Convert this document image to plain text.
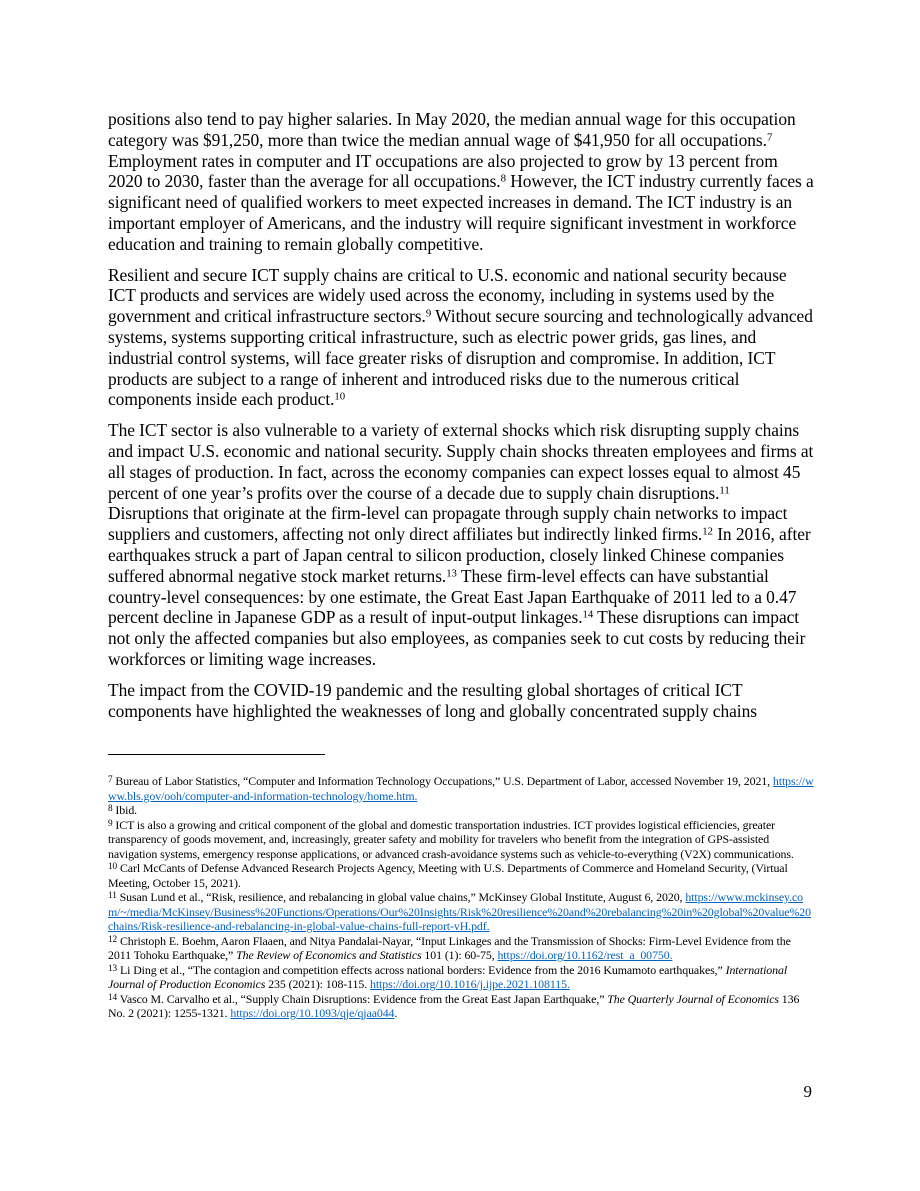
positions also tend to pay higher salaries. In May 2020, the median annual wage for this occupation category was $91,250, more than twice the median annual wage of $41,950 for all occupations.$^7$ Employment rates in computer and IT occupations are also projected to grow by 13 percent from 2020 to 2030, faster than the average for all occupations.$^8$ However, the ICT industry currently faces a significant need of qualified workers to meet expected increases in demand. The ICT industry is an important employer of Americans, and the industry will require significant investment in workforce education and training to remain globally competitive.

Resilient and secure ICT supply chains are critical to U.S. economic and national security because ICT products and services are widely used across the economy, including in systems used by the government and critical infrastructure sectors.$^9$ Without secure sourcing and technologically advanced systems, systems supporting critical infrastructure, such as electric power grids, gas lines, and industrial control systems, will face greater risks of disruption and compromise. In addition, ICT products are subject to a range of inherent and introduced risks due to the numerous critical components inside each product.$^{10}$

The ICT sector is also vulnerable to a variety of external shocks which risk disrupting supply chains and impact U.S. economic and national security. Supply chain shocks threaten employees and firms at all stages of production. In fact, across the economy companies can expect losses equal to almost 45 percent of one year’s profits over the course of a decade due to supply chain disruptions.$^{11}$ Disruptions that originate at the firm-level can propagate through supply chain networks to impact suppliers and customers, affecting not only direct affiliates but indirectly linked firms.$^{12}$ In 2016, after earthquakes struck a part of Japan central to silicon production, closely linked Chinese companies suffered abnormal negative stock market returns.$^{13}$ These firm-level effects can have substantial country-level consequences: by one estimate, the Great East Japan Earthquake of 2011 led to a 0.47 percent decline in Japanese GDP as a result of input-output linkages.$^{14}$ These disruptions can impact not only the affected companies but also employees, as companies seek to cut costs by reducing their workforces or limiting wage increases.

The impact from the COVID-19 pandemic and the resulting global shortages of critical ICT components have highlighted the weaknesses of long and globally concentrated supply chains

$^7$ Bureau of Labor Statistics, “Computer and Information Technology Occupations,” U.S. Department of Labor, accessed November 19, 2021, https://www.bls.gov/ooh/computer-and-information-technology/home.htm.

$^8$ Ibid.

$^9$ ICT is also a growing and critical component of the global and domestic transportation industries. ICT provides logistical efficiencies, greater transparency of goods movement, and, increasingly, greater safety and mobility for travelers who benefit from the integration of GPS-assisted navigation systems, emergency response applications, or advanced crash-avoidance systems such as vehicle-to-everything (V2X) communications.

$^{10}$ Carl McCants of Defense Advanced Research Projects Agency, Meeting with U.S. Departments of Commerce and Homeland Security, (Virtual Meeting, October 15, 2021).

$^{11}$ Susan Lund et al., “Risk, resilience, and rebalancing in global value chains,” McKinsey Global Institute, August 6, 2020, https://www.mckinsey.com/~/media/McKinsey/Business%20Functions/Operations/Our%20Insights/Risk%20resilience%20and%20rebalancing%20in%20global%20value%20chains/Risk-resilience-and-rebalancing-in-global-value-chains-full-report-vH.pdf.

$^{12}$ Christoph E. Boehm, Aaron Flaaen, and Nitya Pandalai-Nayar, “Input Linkages and the Transmission of Shocks: Firm-Level Evidence from the 2011 Tohoku Earthquake,” The Review of Economics and Statistics 101 (1): 60-75, https://doi.org/10.1162/rest_a_00750.

$^{13}$ Li Ding et al., “The contagion and competition effects across national borders: Evidence from the 2016 Kumamoto earthquakes,” International Journal of Production Economics 235 (2021): 108-115. https://doi.org/10.1016/j.ijpe.2021.108115.

$^{14}$ Vasco M. Carvalho et al., “Supply Chain Disruptions: Evidence from the Great East Japan Earthquake,” The Quarterly Journal of Economics 136 No. 2 (2021): 1255-1321. https://doi.org/10.1093/qje/qjaa044.

9
